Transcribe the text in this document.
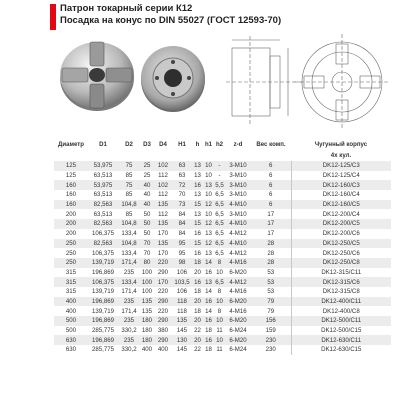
Патрон токарный серии К12
Посадка на конус по DIN 55027 (ГОСТ 12593-70)
Диаметр	D1	D2	D3	D4	H1	h	h1	h2	z-d	Вес комп.	Чугунный корпус
											4х кул.
125	53,975	75	25	102	63	13	10	-	3-М10	6	DK12-125/C3
125	63,513	85	25	112	63	13	10	-	3-М10	6	DK12-125/C4
160	53,975	75	40	102	72	16	13	5,5	3-М10	6	DK12-160/C3
160	63,513	85	40	112	70	13	10	6,5	3-М10	6	DK12-160/C4
160	82,563	104,8	40	135	73	15	12	6,5	4-М10	6	DK12-160/C5
200	63,513	85	50	112	84	13	10	6,5	3-М10	17	DK12-200/C4
200	82,563	104,8	50	135	84	15	12	6,5	4-М10	17	DK12-200/C5
200	106,375	133,4	50	170	84	16	13	6,5	4-М12	17	DK12-200/C6
250	82,563	104,8	70	135	95	15	12	6,5	4-М10	28	DK12-250/C5
250	106,375	133,4	70	170	95	16	13	6,5	4-М12	28	DK12-250/C6
250	139,719	171,4	80	220	98	18	14	8	4-М16	28	DK12-250/C8
315	196,869	235	100	290	106	20	16	10	6-М20	53	DK12-315/C11
315	106,375	133,4	100	170	103,5	16	13	6,5	4-М12	53	DK12-315/C6
315	139,719	171,4	100	220	106	18	14	8	4-М16	53	DK12-315/C8
400	196,869	235	135	290	118	20	16	10	6-М20	79	DK12-400/C11
400	139,719	171,4	135	220	118	18	14	8	4-М16	79	DK12-400/C8
500	196,869	235	180	290	135	20	16	10	6-М20	156	DK12-500/C11
500	285,775	330,2	180	380	145	22	18	11	6-М24	159	DK12-500/C15
630	196,869	235	180	290	130	20	16	10	6-М20	230	DK12-630/C11
630	285,775	330,2	400	400	145	22	18	11	6-М24	230	DK12-630/C15
